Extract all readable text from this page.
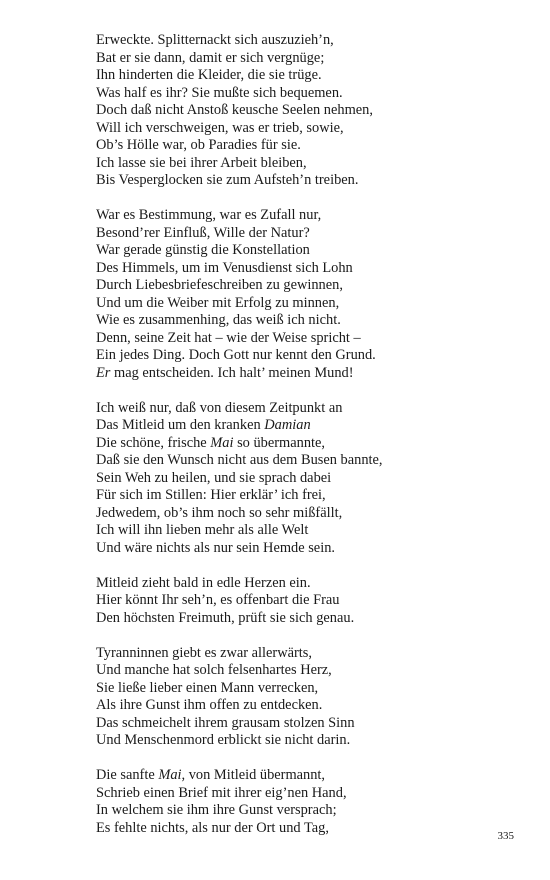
Erweckte. Splitternackt sich auszuzieh’n,
Bat er sie dann, damit er sich vergnüge;
Ihn hinderten die Kleider, die sie trüge.
Was half es ihr? Sie mußte sich bequemen.
Doch daß nicht Anstoß keusche Seelen nehmen,
Will ich verschweigen, was er trieb, sowie,
Ob’s Hölle war, ob Paradies für sie.
Ich lasse sie bei ihrer Arbeit bleiben,
Bis Vesperglocken sie zum Aufsteh’n treiben.
War es Bestimmung, war es Zufall nur,
Besond’rer Einfluß, Wille der Natur?
War gerade günstig die Konstellation
Des Himmels, um im Venusdienst sich Lohn
Durch Liebesbriefeschreiben zu gewinnen,
Und um die Weiber mit Erfolg zu minnen,
Wie es zusammenhing, das weiß ich nicht.
Denn, seine Zeit hat – wie der Weise spricht –
Ein jedes Ding. Doch Gott nur kennt den Grund.
Er mag entscheiden. Ich halt’ meinen Mund!
Ich weiß nur, daß von diesem Zeitpunkt an
Das Mitleid um den kranken Damian
Die schöne, frische Mai so übermannte,
Daß sie den Wunsch nicht aus dem Busen bannte,
Sein Weh zu heilen, und sie sprach dabei
Für sich im Stillen: Hier erklär’ ich frei,
Jedwedem, ob’s ihm noch so sehr mißfällt,
Ich will ihn lieben mehr als alle Welt
Und wäre nichts als nur sein Hemde sein.
Mitleid zieht bald in edle Herzen ein.
Hier könnt Ihr seh’n, es offenbart die Frau
Den höchsten Freimuth, prüft sie sich genau.
Tyranninnen giebt es zwar allerwärts,
Und manche hat solch felsenhartes Herz,
Sie ließe lieber einen Mann verrecken,
Als ihre Gunst ihm offen zu entdecken.
Das schmeichelt ihrem grausam stolzen Sinn
Und Menschenmord erblickt sie nicht darin.
Die sanfte Mai, von Mitleid übermannt,
Schrieb einen Brief mit ihrer eig’nen Hand,
In welchem sie ihm ihre Gunst versprach;
Es fehlte nichts, als nur der Ort und Tag,
335
